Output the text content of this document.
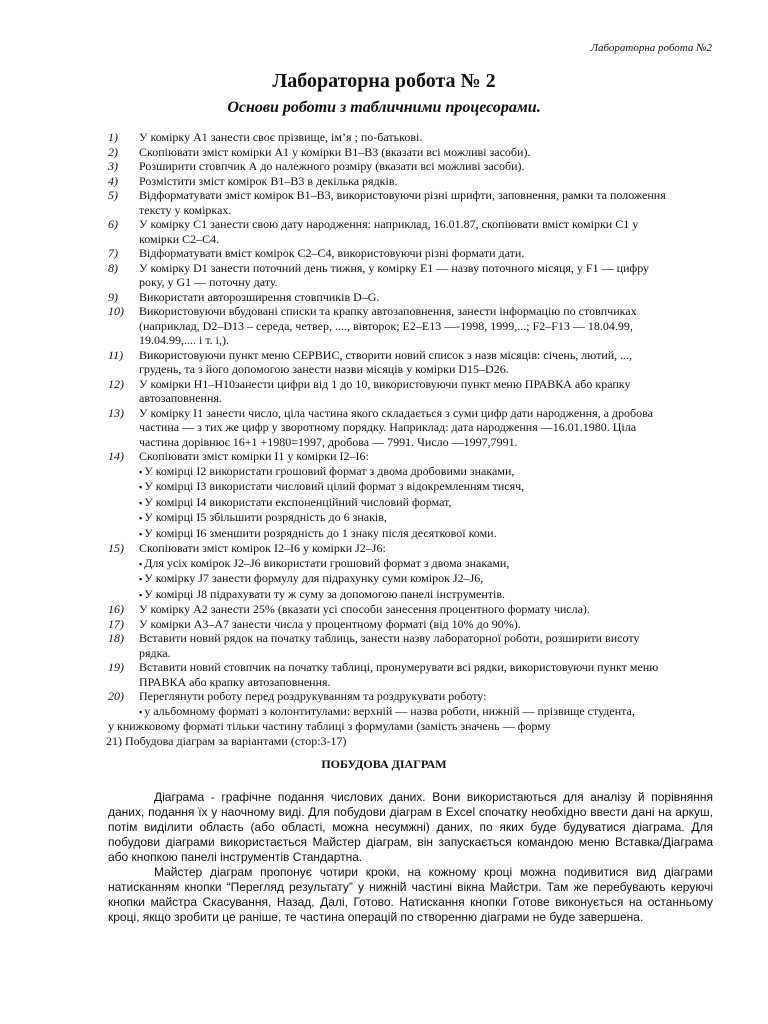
Лабораторна робота №2
Лабораторна робота № 2
Основи роботи з табличними процесорами.
1) У комірку А1 занести своє прізвище, ім’я ; по-батькові.
2) Скопіювати зміст комірки А1 у комірки В1–В3 (вказати всі можливі засоби).
3) Розширити стовпчик А до належного розміру (вказати всі можливі засоби).
4) Розмістити зміст комірок В1–В3 в декілька рядків.
5) Відформатувати зміст комірок В1–В3, використовуючи різні шрифти, заповнення, рамки та положення
тексту у комірках.
6) У комірку С1 занести свою дату народження: наприклад, 16.01.87, скопіювати вміст комірки С1 у
комірки С2–С4.
7) Відформатувати вміст комірок С2–С4, використовуючи різні формати дати.
8) У комірку D1 занести поточний день тижня, у комірку Е1 — назву поточного місяця, у F1 — цифру
року, у G1 — поточну дату.
9) Використати авторозширення стовпчиків D–G.
10) Використовуючи вбудовані списки та крапку автозаповнення, занести інформацію по стовпчиках
(наприклад, D2–D13 – середа, четвер, ...., вівторок; Е2–Е13 —-1998, 1999,...; F2–F13 — 18.04.99,
19.04.99,.... і т. і,).
11) Використовуючи пункт меню СЕРВИС, створити новий список з назв місяців: січень, лютий, ...,
грудень, та з його допомогою занести назви місяців у комірки D15–D26.
12) У комірки Н1–Н10занести цифри від 1 до 10, використовуючи пункт меню ПРАВКА або крапку
автозаповнення.
13) У комірку І1 занести число, ціла частина якого складається з суми цифр дати народження, а дробова
частина — з тих же цифр у зворотному порядку. Наприклад: дата народження —16.01.1980. Ціла
частина дорівнює 16+1 +1980=1997, дробова — 7991. Число —1997,7991.
14) Скопіювати зміст комірки І1 у комірки І2–І6:
▪ У комірці І2 використати грошовий формат з двома дробовими знаками,
▪ У комірці І3 використати числовий цілий формат з відокремленням тисяч,
▪ У комірці І4 використати експоненційний числовий формат,
▪ У комірці І5 збільшити розрядність до 6 знаків,
▪ У комірці І6 зменшити розрядність до 1 знаку після десяткової коми.
15) Скопіювати зміст комірок І2–І6 у комірки J2–J6:
▪ Для усіх комірок J2–J6 використати грошовий формат з двома знаками,
▪ У комірку J7 занести формулу для підрахунку суми комірок J2–J6,
▪ У комірці J8 підрахувати ту ж суму за допомогою панелі інструментів.
16) У комірку А2 занести 25% (вказати усі способи занесення процентного формату числа).
17) У комірки А3–А7 занести числа у процентному форматі (від 10% до 90%).
18) Вставити новий рядок на початку таблиць, занести назву лабораторної роботи, розширити висоту
рядка.
19) Вставити новий стовпчик на початку таблиці, пронумерувати всі рядки, використовуючи пункт меню
ПРАВКА або крапку автозаповнення.
20) Переглянути роботу перед роздрукуванням та роздрукувати роботу:
▪ у альбомному форматі з колонтитулами: верхній — назва роботи, нижній — прізвище студента,
у книжковому форматі тільки частину таблиці з формулами (замість значень — форму
21) Побудова діаграм за варіантами (стор:3-17)
ПОБУДОВА ДІАГРАМ

Діаграма - графічне подання числових даних. Вони використаються для аналізу й порівняння даних, подання їх у наочному виді. Для побудови діаграм в Excel спочатку необхідно ввести дані на аркуш, потім виділити область (або області, можна несумжні) даних, по яких буде будуватися діаграма. Для побудови діаграми використається Майстер діаграм, він запускається командою меню Вставка/Діаграма або кнопкою панелі інструментів Стандартна.

Майстер діаграм пропонує чотири кроки, на кожному кроці можна подивитися вид діаграми натисканням кнопки “Перегляд результату” у нижній частині вікна Майстри. Там же перебувають керуючі кнопки майстра Скасування, Назад, Далі, Готово. Натискання кнопки Готове виконується на останньому кроці, якщо зробити це раніше, те частина операцій по створенню діаграми не буде завершена.
